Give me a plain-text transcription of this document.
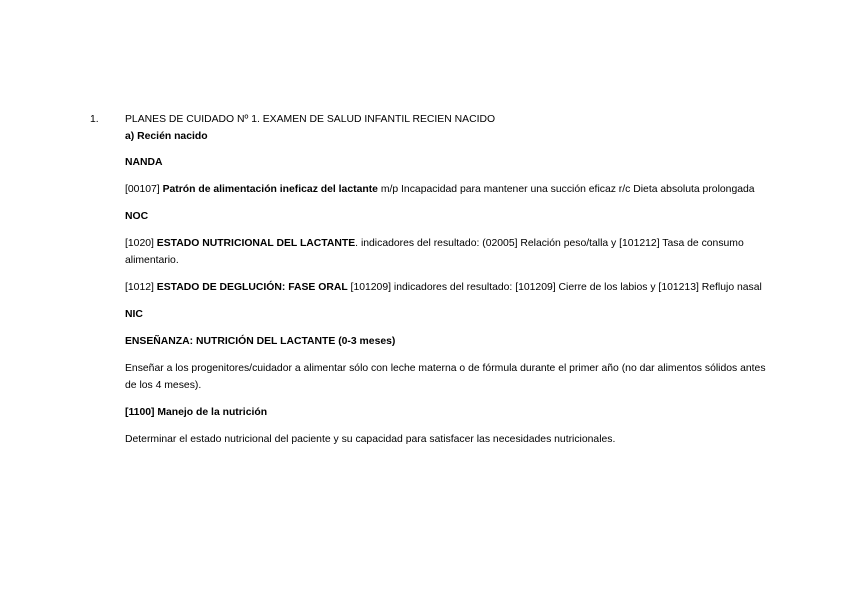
1.	PLANES DE CUIDADO Nº 1. EXAMEN DE SALUD INFANTIL RECIEN NACIDO

a) Recién nacido

NANDA

[00107] Patrón de alimentación ineficaz del lactante m/p Incapacidad para mantener una succión eficaz r/c Dieta absoluta prolongada

NOC

[1020] ESTADO NUTRICIONAL DEL LACTANTE. indicadores del resultado: (02005] Relación peso/talla y [101212] Tasa de consumo alimentario.

[1012] ESTADO DE DEGLUCIÓN: FASE ORAL [101209] indicadores del resultado: [101209] Cierre de los labios y [101213] Reflujo nasal

NIC

ENSEÑANZA: NUTRICIÓN DEL LACTANTE (0-3 meses)

Enseñar a los progenitores/cuidador a alimentar sólo con leche materna o de fórmula durante el primer año (no dar alimentos sólidos antes de los 4 meses).

[1100] Manejo de la nutrición

Determinar el estado nutricional del paciente y su capacidad para satisfacer las necesidades nutricionales.
